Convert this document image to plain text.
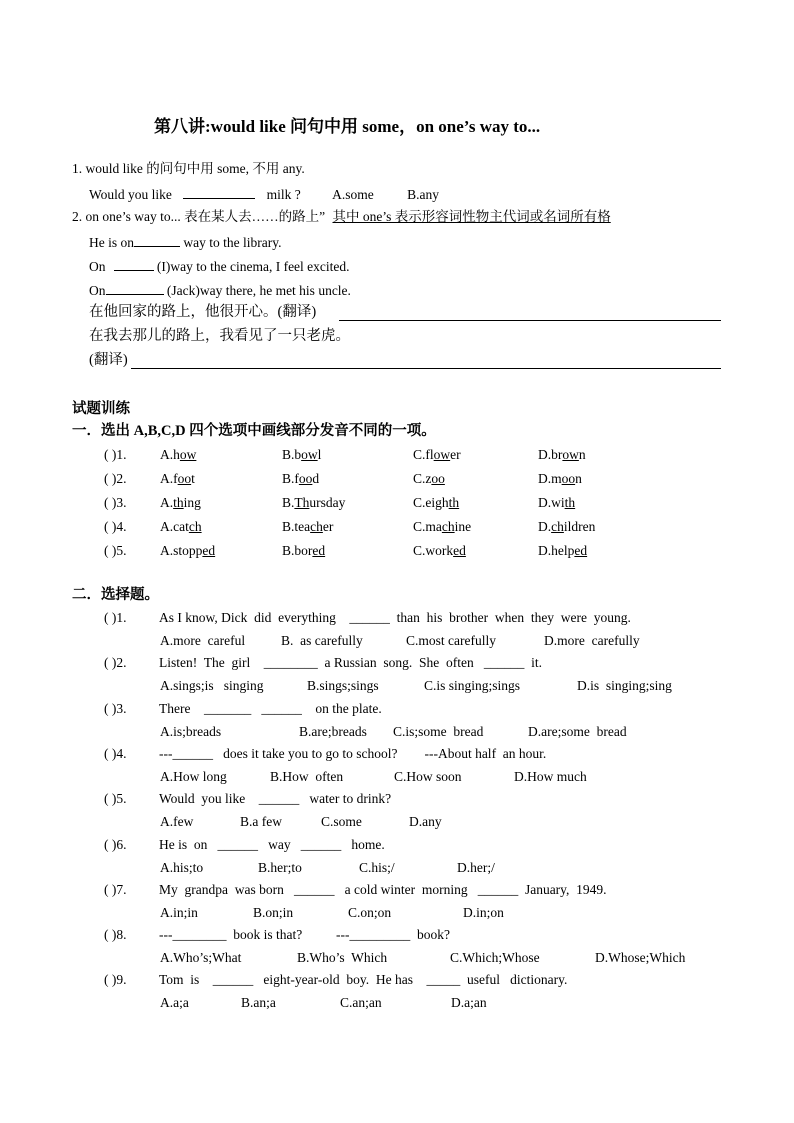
第八讲:would like 问句中用 some，on one’s way to...
1. would like 的问句中用 some, 不用 any.
Would you like	milk ? A.some B.any
2. on one’s way to... 表在某人去……的路上” 其中 one’s 表示形容词性物主代词或名词所有格
He is on	way to the library.
On	(I)way to the cinema, I feel excited.
On	(Jack)way there, he met his uncle.
在他回家的路上，他很开心。(翻译)
在我去那儿的路上，我看见了一只老虎。
(翻译)
试题训练
一．选出 A,B,C,D 四个选项中画线部分发音不同的一项。
( )1. A.how	B.bowl	C.flower	D.brown
( )2. A.foot	B.food	C.zoo	D.moon
( )3. A.thing	B.Thursday	C.eighth	D.with
( )4. A.catch	B.teacher	C.machine	D.children
( )5. A.stopped	B.bored	C.worked	D.helped
二．选择题。
( )1. As I know, Dick  did  everything    ______  than  his  brother  when  they  were  young.
A.more  careful	B.  as carefully	C.most carefully	D.more  carefully
( )2. Listen!  The  girl    ________  a Russian  song.  She  often   ______  it.
A.sings;is   singing	B.sings;sings	C.is singing;sings	D.is  singing;sing
( )3. There    _______   ______    on the plate.
A.is;breads	B.are;breads C.is;some  bread	D.are;some  bread
( )4. ---______   does it take you to go to school?        ---About half  an hour.
A.How long	B.How  often	C.How soon	D.How much
( )5. Would  you like    ______   water to drink?
A.few	B.a few	C.some	D.any
( )6. He is  on   ______   way   ______   home.
A.his;to	B.her;to	C.his;/	D.her;/
( )7. My  grandpa  was born   ______   a cold winter  morning   ______  January,  1949.
A.in;in	B.on;in	C.on;on	D.in;on
( )8. ---________  book is that?          ---_________  book?
A.Who’s;What	B.Who’s  Which	C.Which;Whose	D.Whose;Which
( )9. Tom  is    ______   eight-year-old  boy.  He has    _____  useful   dictionary.
A.a;a	B.an;a	C.an;an	D.a;an
